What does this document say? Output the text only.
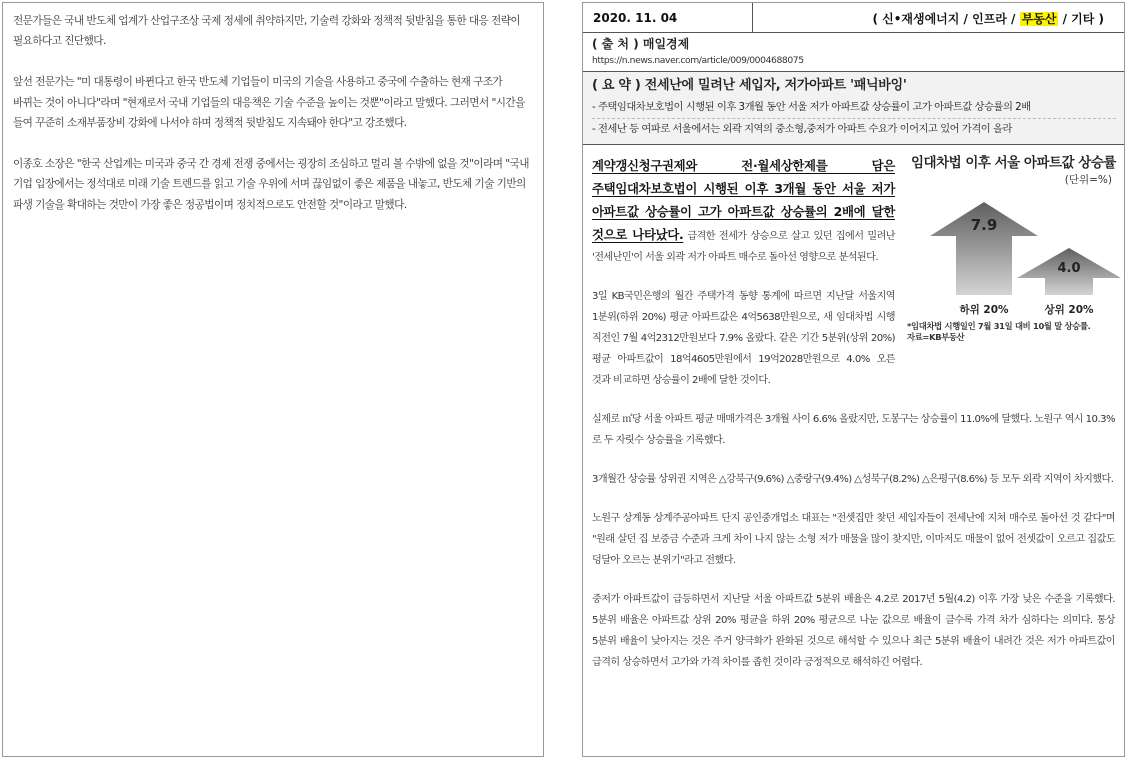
전문가들은 국내 반도체 업계가 산업구조상 국제 정세에 취약하지만, 기술력 강화와 정책적 뒷받침을 통한 대응 전략이 필요하다고 진단했다.

앞선 전문가는 "미 대통령이 바뀐다고 한국 반도체 기업들이 미국의 기술을 사용하고 중국에 수출하는 현재 구조가 바뀌는 것이 아니다"라며 "현재로서 국내 기업들의 대응책은 기술 수준을 높이는 것뿐"이라고 말했다. 그러면서 "시간을 들여 꾸준히 소재부품장비 강화에 나서야 하며 정책적 뒷받침도 지속돼야 한다"고 강조했다.

이종호 소장은 "한국 산업계는 미국과 중국 간 경제 전쟁 중에서는 굉장히 조심하고 멀리 볼 수밖에 없을 것"이라며 "국내 기업 입장에서는 정석대로 미래 기술 트렌드를 읽고 기술 우위에 서며 끊임없이 좋은 제품을 내놓고, 반도체 기술 기반의 파생 기술을 확대하는 것만이 가장 좋은 정공법이며 정치적으로도 안전할 것"이라고 말했다.

2020. 11. 04	( 신•재생에너지 / 인프라 / 부동산 / 기타 )
( 출 처 ) 매일경제
https://n.news.naver.com/article/009/0004688075
( 요 약 ) 전세난에 밀려난 세입자, 저가아파트 '패닉바잉'
- 주택임대차보호법이 시행된 이후 3개월 동안 서울 저가 아파트값 상승률이 고가 아파트값 상승률의 2배
- 전세난 등 여파로 서울에서는 외곽 지역의 중소형,중저가 아파트 수요가 이어지고 있어 가격이 올라
임대차법 이후 서울 아파트값 상승률
(단위=%)
7.9
하위 20%
4.0
상위 20%
*임대차법 시행일인 7월 31일 대비 10월 말 상승률.
자료=KB부동산

계약갱신청구권제와 전·월세상한제를 담은 주택임대차보호법이 시행된 이후 3개월 동안 서울 저가 아파트값 상승률이 고가 아파트값 상승률의 2배에 달한 것으로 나타났다. 급격한 전세가 상승으로 살고 있던 집에서 밀려난 '전세난민'이 서울 외곽 저가 아파트 매수로 돌아선 영향으로 분석된다.

3일 KB국민은행의 월간 주택가격 동향 통계에 따르면 지난달 서울지역 1분위(하위 20%) 평균 아파트값은 4억5638만원으로, 새 임대차법 시행 직전인 7월 4억2312만원보다 7.9% 올랐다. 같은 기간 5분위(상위 20%) 평균 아파트값이 18억4605만원에서 19억2028만원으로 4.0% 오른 것과 비교하면 상승률이 2배에 달한 것이다.

실제로 ㎡당 서울 아파트 평균 매매가격은 3개월 사이 6.6% 올랐지만, 도봉구는 상승률이 11.0%에 달했다. 노원구 역시 10.3%로 두 자릿수 상승률을 기록했다.

3개월간 상승률 상위권 지역은 △강북구(9.6%) △중랑구(9.4%) △성북구(8.2%) △은평구(8.6%) 등 모두 외곽 지역이 차지했다.

노원구 상계동 상계주공아파트 단지 공인중개업소 대표는 "전셋집만 찾던 세입자들이 전세난에 지쳐 매수로 돌아선 것 같다"며 "원래 살던 집 보증금 수준과 크게 차이 나지 않는 소형 저가 매물을 많이 찾지만, 이마저도 매물이 없어 전셋값이 오르고 집값도 덩달아 오르는 분위기"라고 전했다.

중저가 아파트값이 급등하면서 지난달 서울 아파트값 5분위 배율은 4.2로 2017년 5월(4.2) 이후 가장 낮은 수준을 기록했다. 5분위 배율은 아파트값 상위 20% 평균을 하위 20% 평균으로 나눈 값으로 배율이 클수록 가격 차가 심하다는 의미다. 통상 5분위 배율이 낮아지는 것은 주거 양극화가 완화된 것으로 해석할 수 있으나 최근 5분위 배율이 내려간 것은 저가 아파트값이 급격히 상승하면서 고가와 가격 차이를 좁힌 것이라 긍정적으로 해석하긴 어렵다.
